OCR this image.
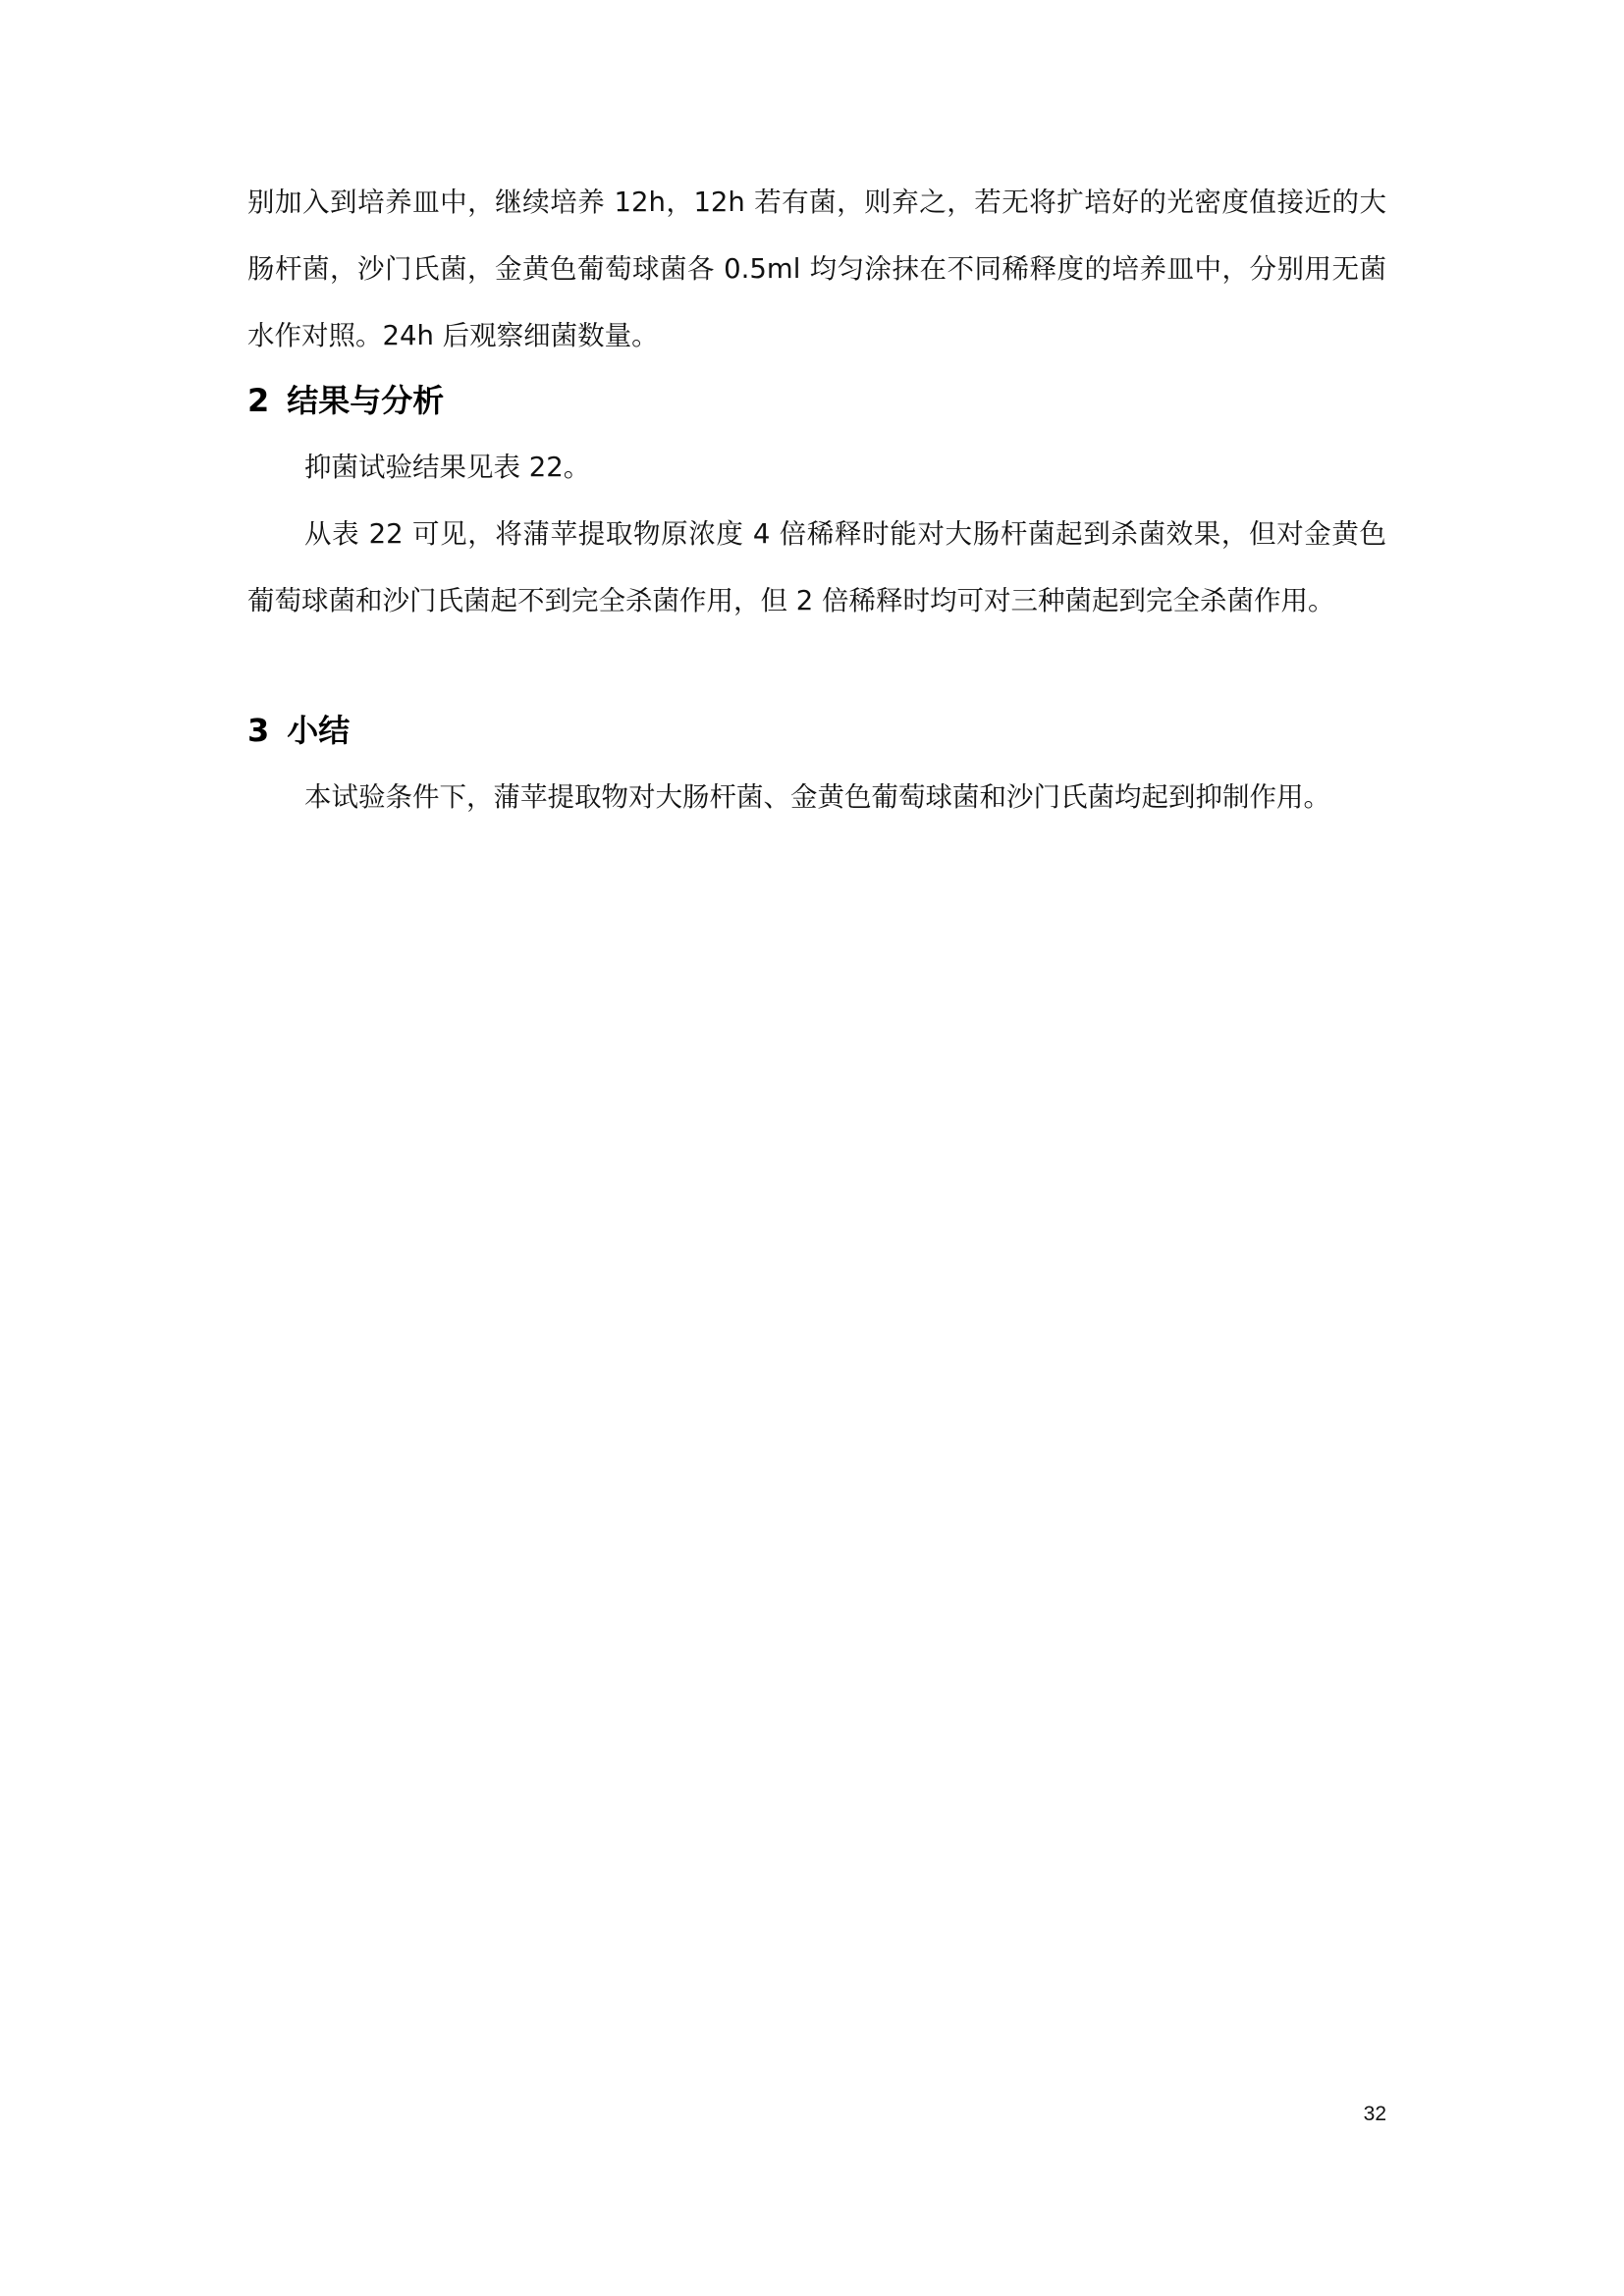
别加入到培养皿中，继续培养 12h，12h 若有菌，则弃之，若无将扩培好的光密度值接近的大肠杆菌，沙门氏菌，金黄色葡萄球菌各 0.5ml 均匀涂抹在不同稀释度的培养皿中，分别用无菌水作对照。24h 后观察细菌数量。

2 结果与分析

抑菌试验结果见表 22。

从表 22 可见，将蒲苹提取物原浓度 4 倍稀释时能对大肠杆菌起到杀菌效果，但对金黄色葡萄球菌和沙门氏菌起不到完全杀菌作用，但 2 倍稀释时均可对三种菌起到完全杀菌作用。

3 小结

本试验条件下，蒲苹提取物对大肠杆菌、金黄色葡萄球菌和沙门氏菌均起到抑制作用。

32
